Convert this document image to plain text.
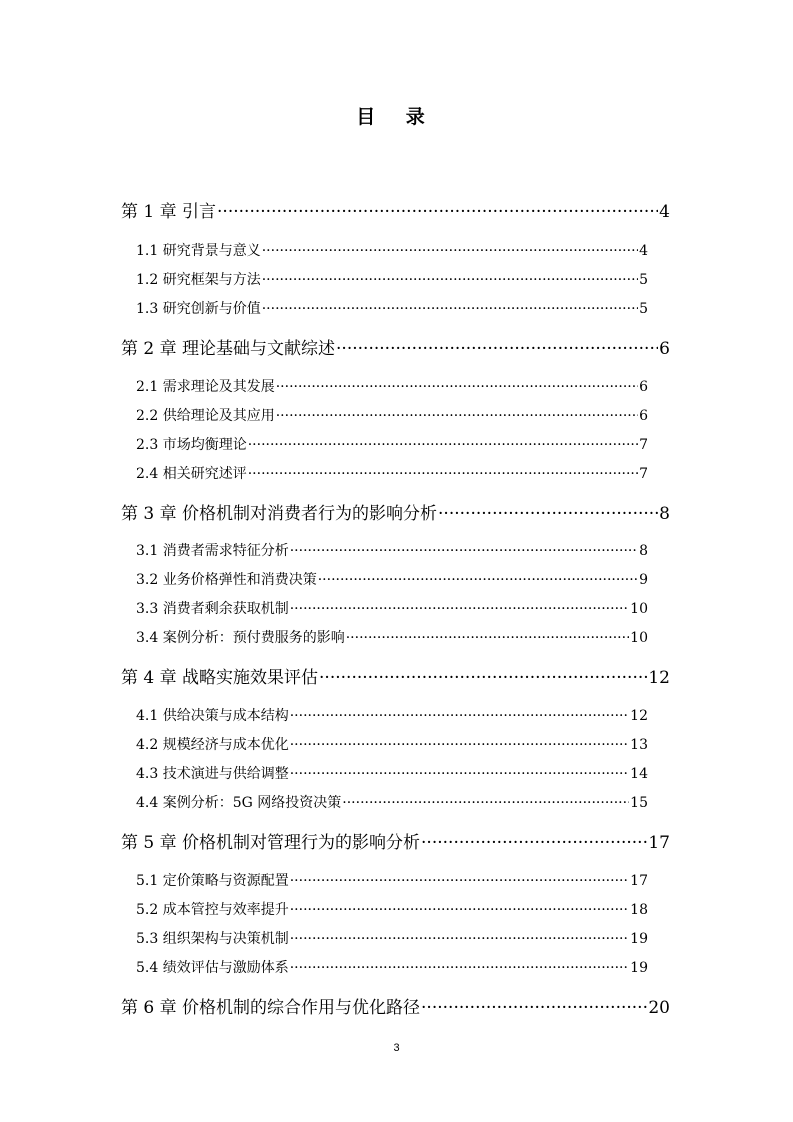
目 录
第 1 章 引言 ·····	4
1.1 研究背景与意义 ·····	4
1.2 研究框架与方法 ·····	5
1.3 研究创新与价值 ·····	5
第 2 章 理论基础与文献综述 ·····	6
2.1 需求理论及其发展 ·····	6
2.2 供给理论及其应用 ·····	6
2.3 市场均衡理论 ·····	7
2.4 相关研究述评 ·····	7
第 3 章 价格机制对消费者行为的影响分析 ·····	8
3.1 消费者需求特征分析 ·····	8
3.2 业务价格弹性和消费决策 ·····	9
3.3 消费者剩余获取机制 ·····	10
3.4 案例分析：预付费服务的影响 ·····	10
第 4 章 战略实施效果评估 ·····	12
4.1 供给决策与成本结构 ·····	12
4.2 规模经济与成本优化 ·····	13
4.3 技术演进与供给调整 ·····	14
4.4 案例分析：5G 网络投资决策 ·····	15
第 5 章 价格机制对管理行为的影响分析 ·····	17
5.1 定价策略与资源配置 ·····	17
5.2 成本管控与效率提升 ·····	18
5.3 组织架构与决策机制 ·····	19
5.4 绩效评估与激励体系 ·····	19
第 6 章 价格机制的综合作用与优化路径 ·····	20
3
